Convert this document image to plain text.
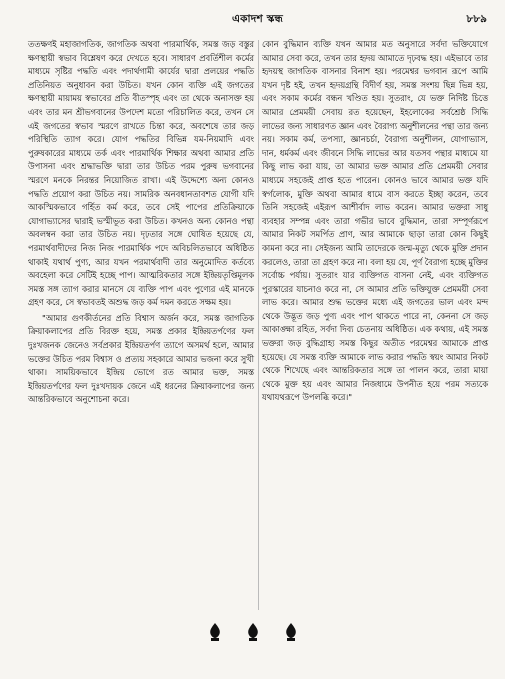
একাদশ স্কন্ধ	৮৮৯

ততক্ষণই মহাজাগতিক, জাগতিক অথবা পারমার্থিক, সমস্ত জড় বস্তুর ক্ষণস্থায়ী স্বভাব বিশ্লেষণ করে দেখতে হবে। সাধারণ প্রবর্তিশীল কর্মের মাধ্যমে সৃষ্টির পদ্ধতি এবং পদার্থগামী কার্যের দ্বারা প্রলয়ের পদ্ধতি প্রতিনিয়ত অনুধাবন করা উচিত। যখন কোন ব্যক্তি এই জগতের ক্ষণস্থায়ী মায়াময় স্বভাবের প্রতি বীতস্পৃহ এবং তা থেকে অনাসক্ত হয় এবং তার মন শ্রীভগবানের উপদেশ মতো পরিচালিত করে, তখন সে এই জগতের স্বভাব স্মরণে রাখতে চিন্তা করে, অবশেষে তার জড় পরিস্থিতি ত্যাগ করে। যোগ পদ্ধতির বিভিন্ন যম-নিয়মাদি এবং পুরুষকারের মাধ্যমে তর্ক এবং পারমার্থিক শিক্ষার অথবা আমার প্রতি উপাসনা এবং শ্রদ্ধাভক্তি দ্বারা তার উচিত পরম পুরুষ ভগবানের স্মরণে মনকে নিরন্তর নিয়োজিত রাখা। এই উদ্দেশ্যে অন্য কোনও পদ্ধতি প্রয়োগ করা উচিত নয়। সামরিক অনবধানতাবশত যোগী যদি আকস্মিকভাবে গর্হিত কর্ম করে, তবে সেই পাপের প্রতিক্রিয়াকে যোগাভ্যাসের দ্বারাই ভস্মীভূত করা উচিত। কখনও অন্য কোনও পন্থা অবলম্বন করা তার উচিত নয়। দৃঢ়তার সঙ্গে ঘোষিত হয়েছে যে, পরমার্থবাদীদের নিজ নিজ পারমার্থিক পদে অবিচলিতভাবে অধিষ্ঠিত থাকাই যথার্থ পুণ্য, আর যখন পরমার্থবাদী তার অনুমোদিত কর্তব্যে অবহেলা করে সেটিই হচ্ছে পাপ। আত্মরিকতার সঙ্গে ইন্দ্রিয়তৃপ্তিমূলক সমস্ত সঙ্গ ত্যাগ করার মানসে যে ব্যক্তি পাপ এবং পুণ্যের এই মানকে গ্রহণ করে, সে স্বভাবতই অশুদ্ধ জড় কর্ম দমন করতে সক্ষম হয়।

"আমার গুণকীর্তনের প্রতি বিশ্বাস অর্জন করে, সমস্ত জাগতিক ক্রিয়াকলাপের প্রতি বিরক্ত হয়ে, সমস্ত প্রকার ইন্দ্রিয়তর্পণের ফল দুঃখজনক জেনেও সর্বপ্রকার ইন্দ্রিয়তর্পণ ত্যাগে অসমর্থ হলে, আমার ভক্তের উচিত পরম বিশ্বাস ও প্রত্যয় সহকারে আমার ভজনা করে সুখী থাকা। সাময়িকভাবে ইন্দ্রিয় ভোগে রত আমার ভক্ত, সমস্ত ইন্দ্রিয়তর্পণের ফল দুঃখদায়ক জেনে এই ধরনের ক্রিয়াকলাপের জন্য আন্তরিকভাবে অনুশোচনা করে।

কোন বুদ্ধিমান ব্যক্তি যখন আমার মত অনুসারে সর্বদা ভক্তিযোগে আমার সেবা করে, তখন তার হৃদয় আমাতে দৃঢ়বদ্ধ হয়। এইভাবে তার হৃদয়স্থ জাগতিক বাসনার বিনাশ হয়। পরমেশ্বর ভগবান রূপে আমি যখন দৃষ্ট হই, তখন হৃদয়গ্রন্থি বিদীর্ণ হয়, সমস্ত সংশয় ছিন্ন ভিন্ন হয়, এবং সকাম কর্মের বন্ধন খণ্ডিত হয়। সুতরাং, যে ভক্ত নির্দিষ্ট চিত্তে আমার প্রেমময়ী সেবায় রত হয়েছেন, ইহলোকের সর্বশ্রেষ্ঠ সিদ্ধি লাভের জন্য সাধারণত জ্ঞান এবং বৈরাগ্য অনুশীলনের পন্থা তার জন্য নয়। সকাম কর্ম, তপস্যা, জ্ঞানচর্চা, বৈরাগ্য অনুশীলন, যোগাভ্যাস, দান, ধর্মকর্ম এবং জীবনে সিদ্ধি লাভের আর যতসব পন্থার মাধ্যমে যা কিছু লাভ করা যায়, তা আমার ভক্ত আমার প্রতি প্রেমময়ী সেবার মাধ্যমে সহজেই প্রাপ্ত হতে পারেন। কোনও ভাবে আমার ভক্ত যদি স্বর্গলোক, মুক্তি অথবা আমার ধামে বাস করতে ইচ্ছা করেন, তবে তিনি সহজেই এইরূপ আশীর্বাদ লাভ করেন। আমার ভক্তরা সাধু ব্যবহার সম্পন্ন এবং তারা গভীর ভাবে বুদ্ধিমান, তারা সম্পূর্ণরূপে আমার নিকট সমর্পিত প্রাণ, আর আমাকে ছাড়া তারা কোন কিছুই কামনা করে না। সেইজন্য আমি তাদেরকে জন্ম-মৃত্যু থেকে মুক্তি প্রদান করলেও, তারা তা গ্রহণ করে না। বলা হয় যে, পূর্ণ বৈরাগ্য হচ্ছে মুক্তির সর্বোচ্চ পর্যায়। সুতরাং যার ব্যক্তিগত বাসনা নেই, এবং ব্যক্তিগত পুরস্কারের যাচনাও করে না, সে আমার প্রতি ভক্তিযুক্ত প্রেমময়ী সেবা লাভ করে। আমার শুদ্ধ ভক্তের মধ্যে এই জগতের ভাল এবং মন্দ থেকে উদ্ভূত জড় পুণ্য এবং পাপ থাকতে পারে না, কেননা সে জড় আকাঙ্ক্ষা রহিত, সর্বদা দিব্য চেতনায় অধিষ্ঠিত। এক কথায়, এই সমস্ত ভক্তরা জড় বুদ্ধিগ্রাহ্য সমস্ত কিছুর অতীত পরমেশ্বর আমাকে প্রাপ্ত হয়েছে। যে সমস্ত ব্যক্তি আমাকে লাভ করার পদ্ধতি স্বয়ং আমার নিকট থেকে শিখেছে এবং আন্তরিকতার সঙ্গে তা পালন করে, তারা মায়া থেকে মুক্ত হয় এবং আমার নিজধামে উপনীত হয়ে পরম সত্যকে যথাযথরূপে উপলব্ধি করে।"
